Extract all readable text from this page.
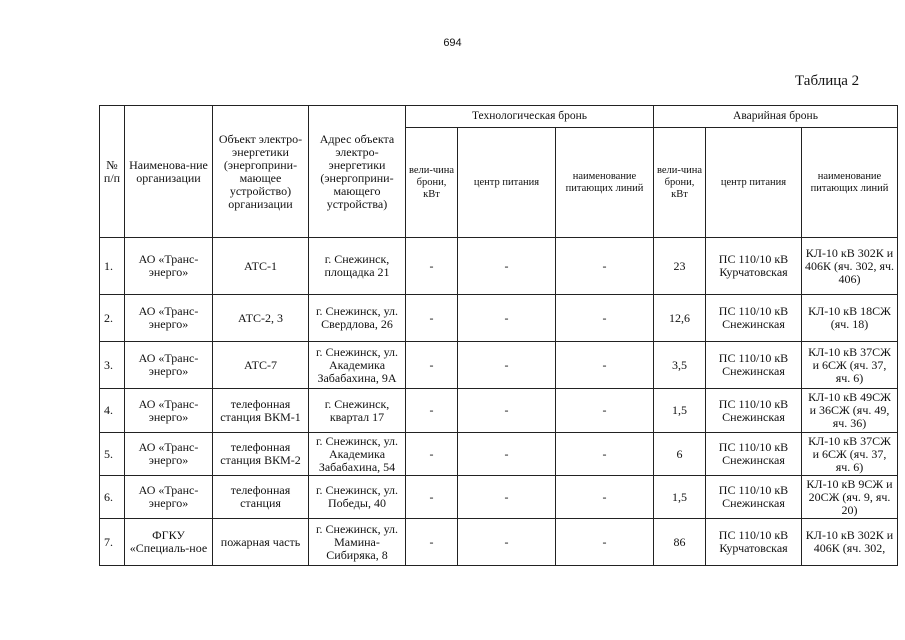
694
Таблица 2
№ п/п	Наименова-ние организации	Объект электро-энергетики (энергоприни-мающее устройство) организации	Адрес объекта электро-энергетики (энергоприни-мающего устройства)	Технологическая бронь			Аварийная бронь		
				вели-чина брони, кВт	центр питания	наименование питающих линий	вели-чина брони, кВт	центр питания	наименование питающих линий
1.	АО «Транс-энерго»	АТС-1	г. Снежинск, площадка 21	-	-	-	23	ПС 110/10 кВ Курчатовская	КЛ-10 кВ 302К и 406К (яч. 302, яч. 406)
2.	АО «Транс-энерго»	АТС-2, 3	г. Снежинск, ул. Свердлова, 26	-	-	-	12,6	ПС 110/10 кВ Снежинская	КЛ-10 кВ 18СЖ (яч. 18)
3.	АО «Транс-энерго»	АТС-7	г. Снежинск, ул. Академика Забабахина, 9А	-	-	-	3,5	ПС 110/10 кВ Снежинская	КЛ-10 кВ 37СЖ и 6СЖ (яч. 37, яч. 6)
4.	АО «Транс-энерго»	телефонная станция ВКМ-1	г. Снежинск, квартал 17	-	-	-	1,5	ПС 110/10 кВ Снежинская	КЛ-10 кВ 49СЖ и 36СЖ (яч. 49, яч. 36)
5.	АО «Транс-энерго»	телефонная станция ВКМ-2	г. Снежинск, ул. Академика Забабахина, 54	-	-	-	6	ПС 110/10 кВ Снежинская	КЛ-10 кВ 37СЖ и 6СЖ (яч. 37, яч. 6)
6.	АО «Транс-энерго»	телефонная станция	г. Снежинск, ул. Победы, 40	-	-	-	1,5	ПС 110/10 кВ Снежинская	КЛ-10 кВ 9СЖ и 20СЖ (яч. 9, яч. 20)
7.	ФГКУ «Специаль-ное	пожарная часть	г. Снежинск, ул. Мамина-Сибиряка, 8	-	-	-	86	ПС 110/10 кВ Курчатовская	КЛ-10 кВ 302К и 406К (яч. 302,
